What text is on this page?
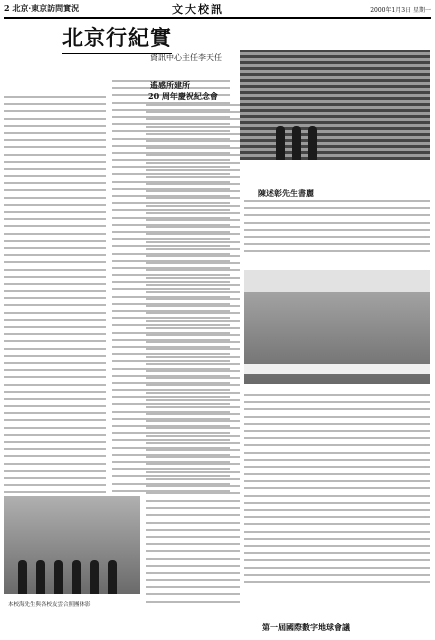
2 北京·東京訪問實況	文大校訊	2000年1月3日 星期一
北京行紀實
資訊中心主任李天任
遙感所建所
20 周年慶祝紀念會
陳述彰先生書麗
本校海先生與各校友雲合照團体影
第一屆國際數字地球會議
